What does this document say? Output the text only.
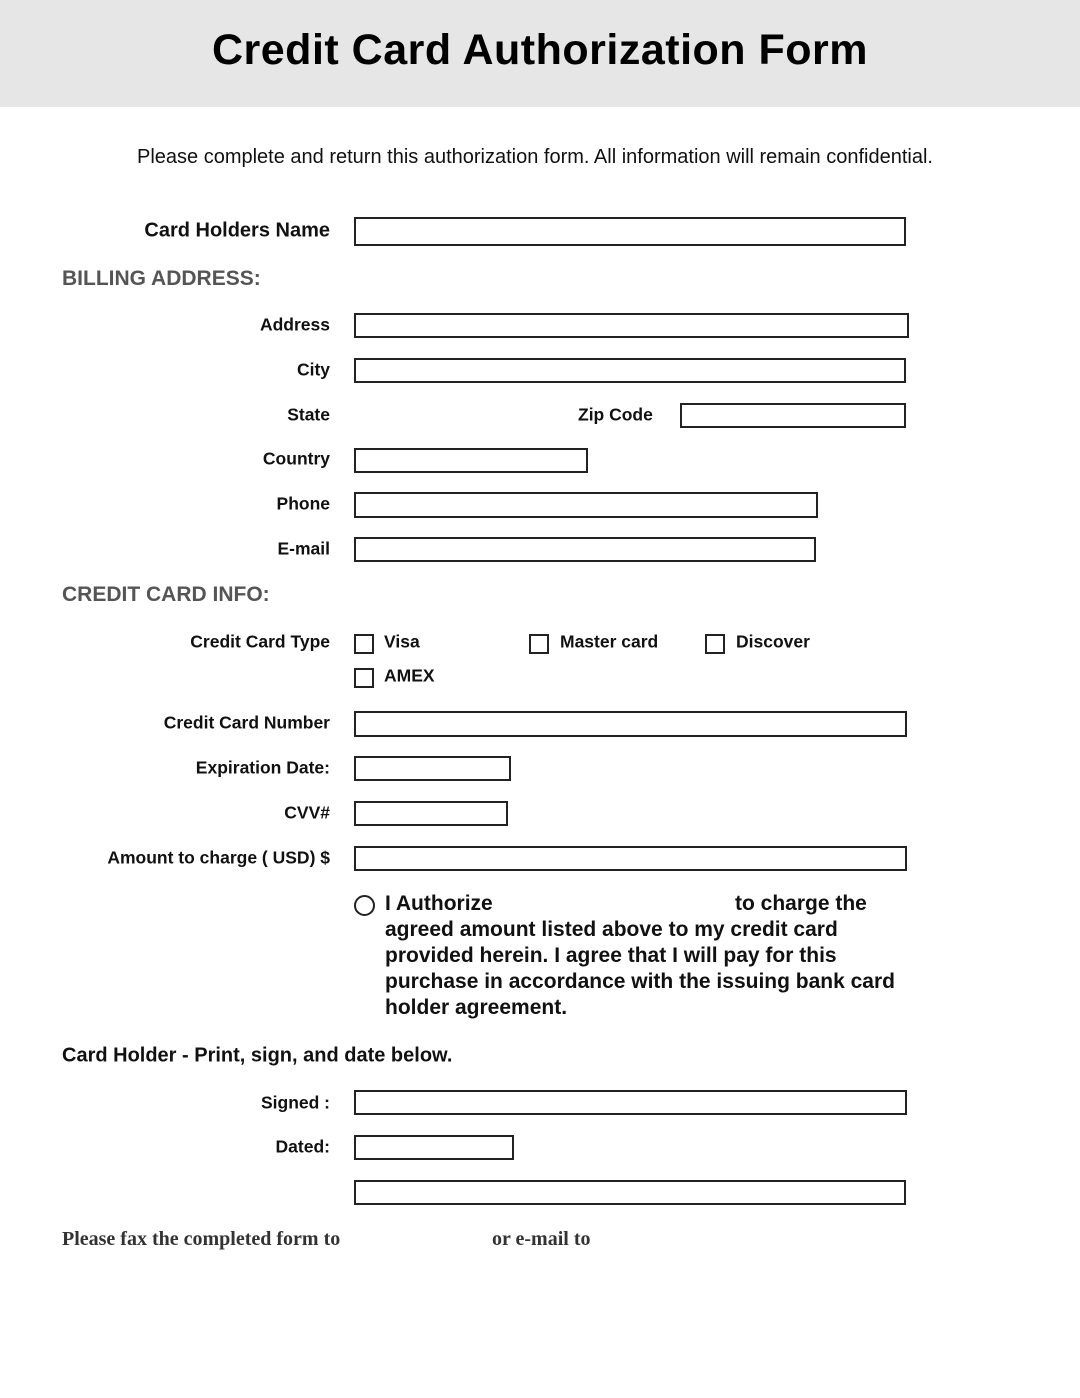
Credit Card Authorization Form
Please complete and return this authorization form. All information will remain confidential.
Card Holders Name
BILLING ADDRESS:
Address
City
State	Zip Code
Country
Phone
E-mail
CREDIT CARD INFO:
Credit Card Type	Visa	Master card	Discover
AMEX
Credit Card Number
Expiration Date:
CVV#
Amount to charge ( USD) $
I Authorize	to charge the
agreed amount listed above to my credit card
provided herein. I agree that I will pay for this
purchase in accordance with the issuing bank card
holder agreement.
Card Holder - Print, sign, and date below.
Signed :
Dated:
Please fax the completed form to	or e-mail to
